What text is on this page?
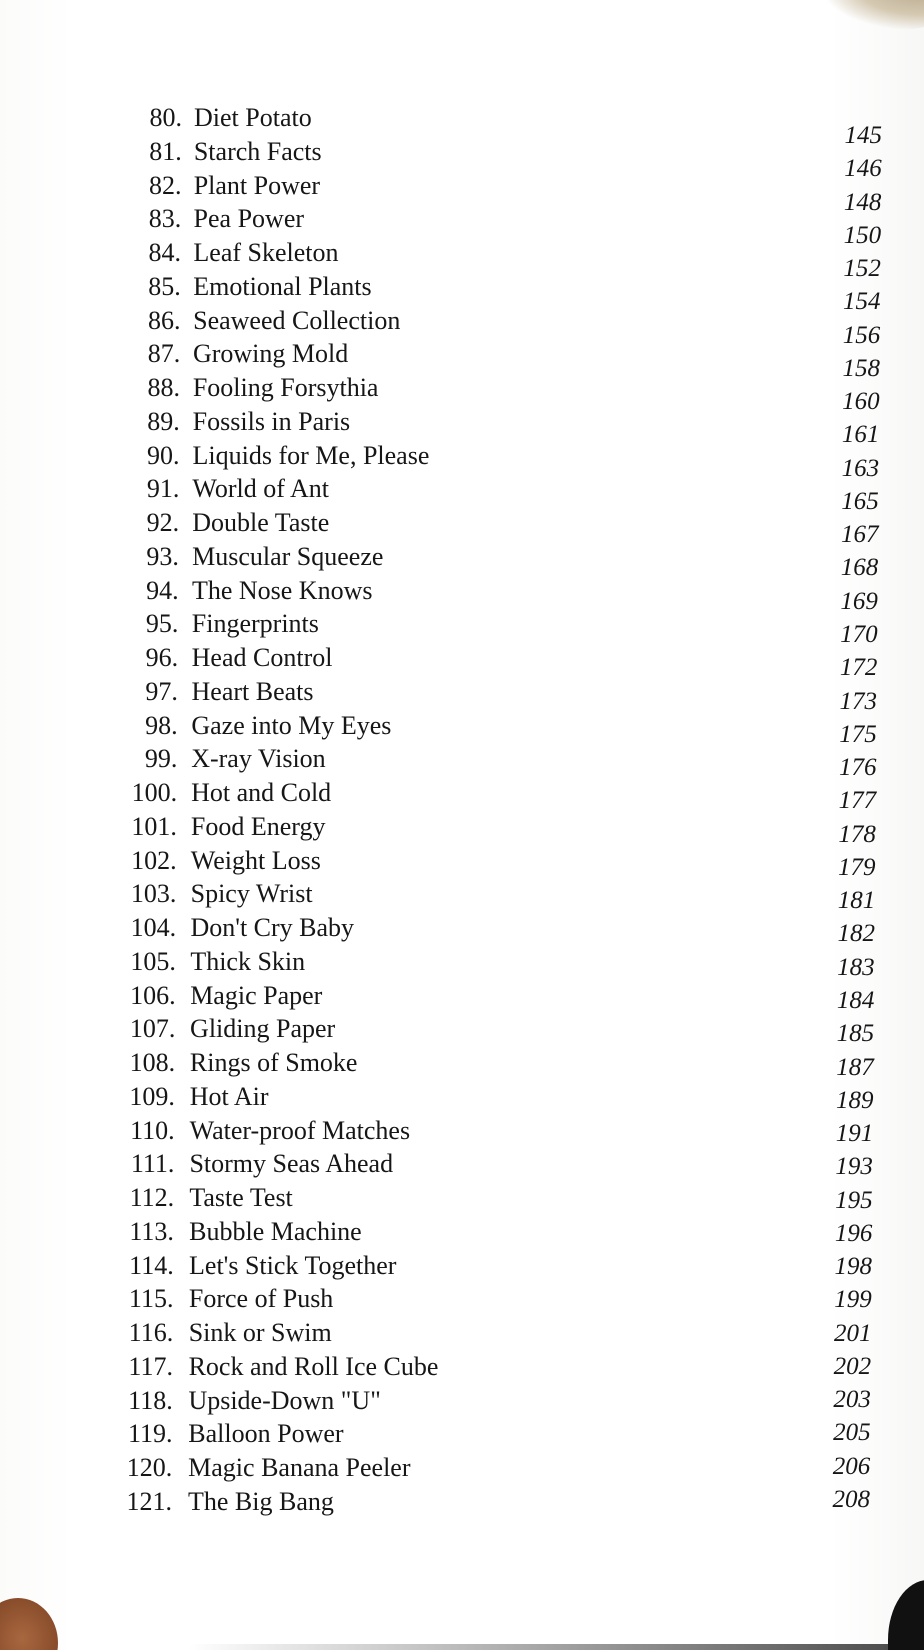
80. Diet Potato
81. Starch Facts
82. Plant Power
83. Pea Power
84. Leaf Skeleton
85. Emotional Plants
86. Seaweed Collection
87. Growing Mold
88. Fooling Forsythia
89. Fossils in Paris
90. Liquids for Me, Please
91. World of Ant
92. Double Taste
93. Muscular Squeeze
94. The Nose Knows
95. Fingerprints
96. Head Control
97. Heart Beats
98. Gaze into My Eyes
99. X-ray Vision
100. Hot and Cold
101. Food Energy
102. Weight Loss
103. Spicy Wrist
104. Don't Cry Baby
105. Thick Skin
106. Magic Paper
107. Gliding Paper
108. Rings of Smoke
109. Hot Air
110. Water-proof Matches
111. Stormy Seas Ahead
112. Taste Test
113. Bubble Machine
114. Let's Stick Together
115. Force of Push
116. Sink or Swim
117. Rock and Roll Ice Cube
118. Upside-Down "U"
119. Balloon Power
120. Magic Banana Peeler
121. The Big Bang
145
146
148
150
152
154
156
158
160
161
163
165
167
168
169
170
172
173
175
176
177
178
179
181
182
183
184
185
187
189
191
193
195
196
198
199
201
202
203
205
206
208
